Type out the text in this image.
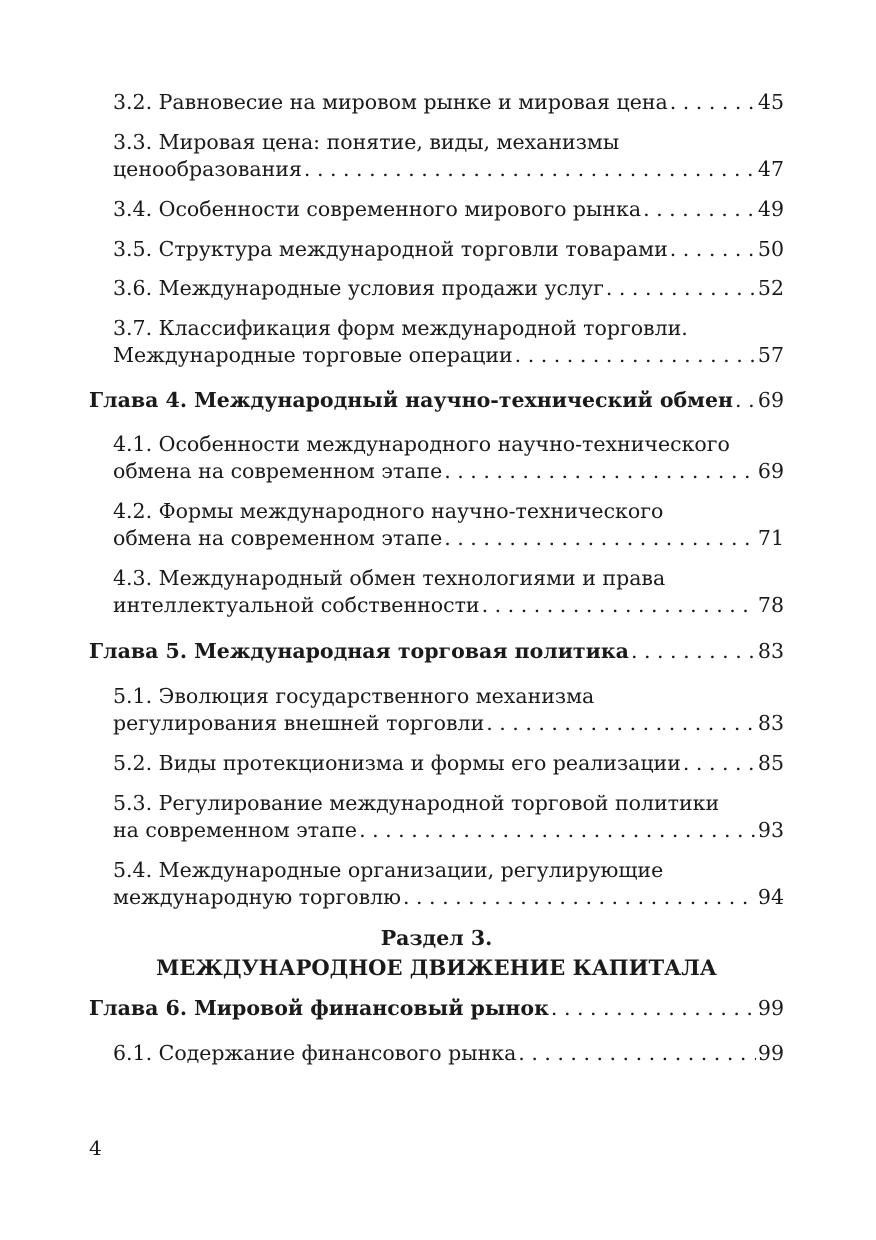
3.2. Равновесие на мировом рынке и мировая цена . . .	45
3.3. Мировая цена: понятие, виды, механизмы
ценообразования . . .	47
3.4. Особенности современного мирового рынка . . .	49
3.5. Структура международной торговли товарами . . .	50
3.6. Международные условия продажи услуг . . .	52
3.7. Классификация форм международной торговли.
Международные торговые операции . . .	57
Глава 4. Международный научно-технический обмен . . . 69
4.1. Особенности международного научно-технического
обмена на современном этапе . . .	69
4.2. Формы международного научно-технического
обмена на современном этапе . . .	71
4.3. Международный обмен технологиями и права
интеллектуальной собственности . . .	78
Глава 5. Международная торговая политика . . .	83
5.1. Эволюция государственного механизма
регулирования внешней торговли . . .	83
5.2. Виды протекционизма и формы его реализации . . .	85
5.3. Регулирование международной торговой политики
на современном этапе . . .	93
5.4. Международные организации, регулирующие
международную торговлю . . .	94
Глава 6. Мировой финансовый рынок . . .	99
6.1. Содержание финансового рынка . . .	99
Раздел 3.
МЕЖДУНАРОДНОЕ ДВИЖЕНИЕ КАПИТАЛА
4
